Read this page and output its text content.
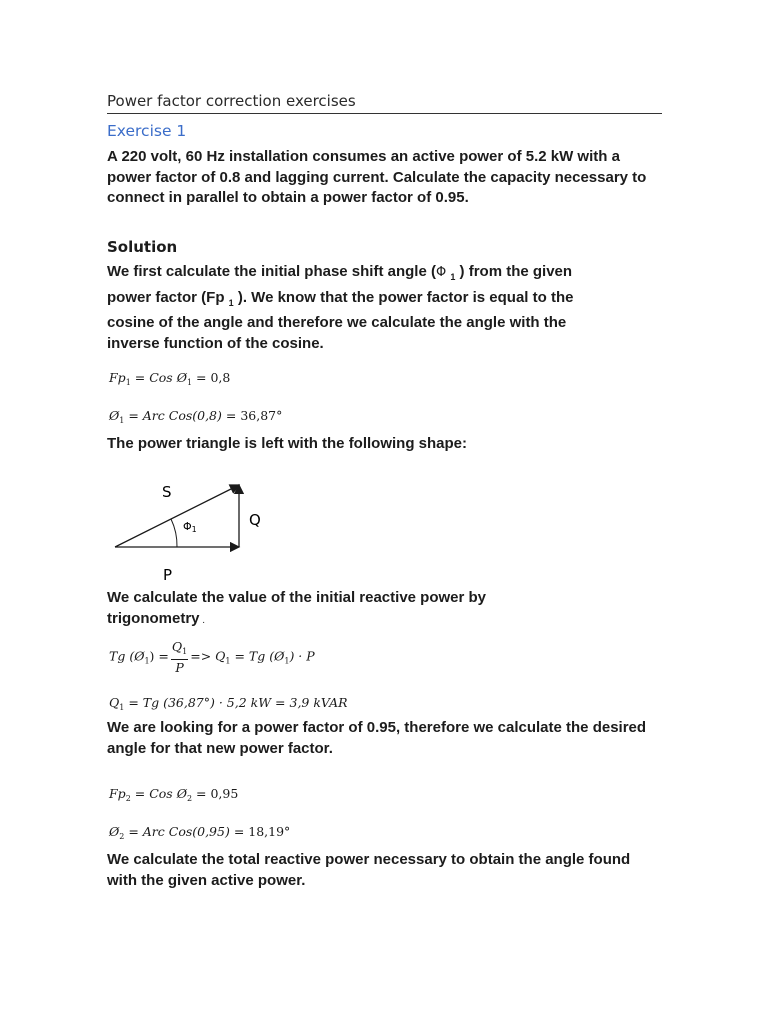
Power factor correction exercises
Exercise 1

A 220 volt, 60 Hz installation consumes an active power of 5.2 kW with a power factor of 0.8 and lagging current. Calculate the capacity necessary to connect in parallel to obtain a power factor of 0.95.

Solution

We first calculate the initial phase shift angle (Φ $_1$ ) from the given
power factor (Fp $_1$ ). We know that the power factor is equal to the
cosine of the angle and therefore we calculate the angle with the
inverse function of the cosine.

$Fp_1$ = Cos $Ø_1 = 0,8$
$Ø_1$ = Arc Cos(0,8) = 36,87°

The power triangle is left with the following shape:

S
Q
P
Φ1

We calculate the value of the initial reactive power by
trigonometry .

Tg $(Ø_1) = \frac{Q_1}{P} => Q_1 = Tg$ $(Ø_1) \cdot P$
$Q_1 = Tg$ (36,87°) · 5,2 kW = 3,9 kVAR

We are looking for a power factor of 0.95, therefore we calculate the desired angle for that new power factor.

$Fp_2$ = Cos $Ø_2 = 0,95$
$Ø_2$ = Arc Cos(0,95) = 18,19°

We calculate the total reactive power necessary to obtain the angle found with the given active power.
